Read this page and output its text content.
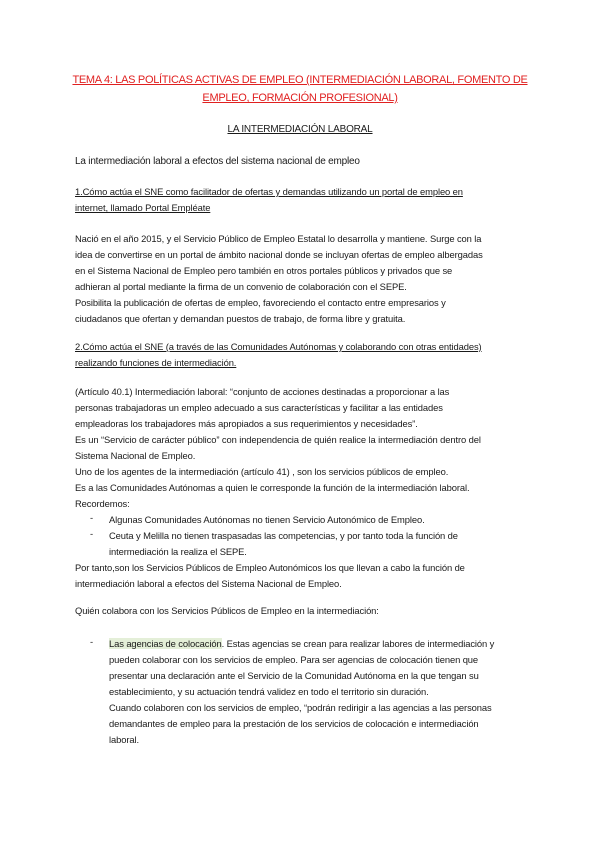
TEMA 4: LAS POLÍTICAS ACTIVAS DE EMPLEO (INTERMEDIACIÓN LABORAL, FOMENTO DE
EMPLEO, FORMACIÓN PROFESIONAL)
LA INTERMEDIACIÓN LABORAL
La intermediación laboral a efectos del sistema nacional de empleo
1.Cómo actúa el SNE como facilitador de ofertas y demandas utilizando un portal de empleo en
internet, llamado Portal Empléate
Nació en el año 2015, y el Servicio Público de Empleo Estatal lo desarrolla y mantiene. Surge con la
idea de convertirse en un portal de ámbito nacional donde se incluyan ofertas de empleo albergadas
en el Sistema Nacional de Empleo pero también en otros portales públicos y privados que se
adhieran al portal mediante la firma de un convenio de colaboración con el SEPE.
Posibilita la publicación de ofertas de empleo, favoreciendo el contacto entre empresarios y
ciudadanos que ofertan y demandan puestos de trabajo, de forma libre y gratuita.
2.Cómo actúa el SNE (a través de las Comunidades Autónomas y colaborando con otras entidades)
realizando funciones de intermediación.
(Artículo 40.1) Intermediación laboral: “conjunto de acciones destinadas a proporcionar a las
personas trabajadoras un empleo adecuado a sus características y facilitar a las entidades
empleadoras los trabajadores más apropiados a sus requerimientos y necesidades”.
Es un “Servicio de carácter público” con independencia de quién realice la intermediación dentro del
Sistema Nacional de Empleo.
Uno de los agentes de la intermediación (artículo 41) , son los servicios públicos de empleo.
Es a las Comunidades Autónomas a quien le corresponde la función de la intermediación laboral.
Recordemos:
- Algunas Comunidades Autónomas no tienen Servicio Autonómico de Empleo.
- Ceuta y Melilla no tienen traspasadas las competencias, y por tanto toda la función de
intermediación la realiza el SEPE.
Por tanto,son los Servicios Públicos de Empleo Autonómicos los que llevan a cabo la función de
intermediación laboral a efectos del Sistema Nacional de Empleo.
Quién colabora con los Servicios Públicos de Empleo en la intermediación:
- Las agencias de colocación. Estas agencias se crean para realizar labores de intermediación y
pueden colaborar con los servicios de empleo. Para ser agencias de colocación tienen que
presentar una declaración ante el Servicio de la Comunidad Autónoma en la que tengan su
establecimiento, y su actuación tendrá validez en todo el territorio sin duración.
Cuando colaboren con los servicios de empleo, “podrán redirigir a las agencias a las personas
demandantes de empleo para la prestación de los servicios de colocación e intermediación
laboral.
